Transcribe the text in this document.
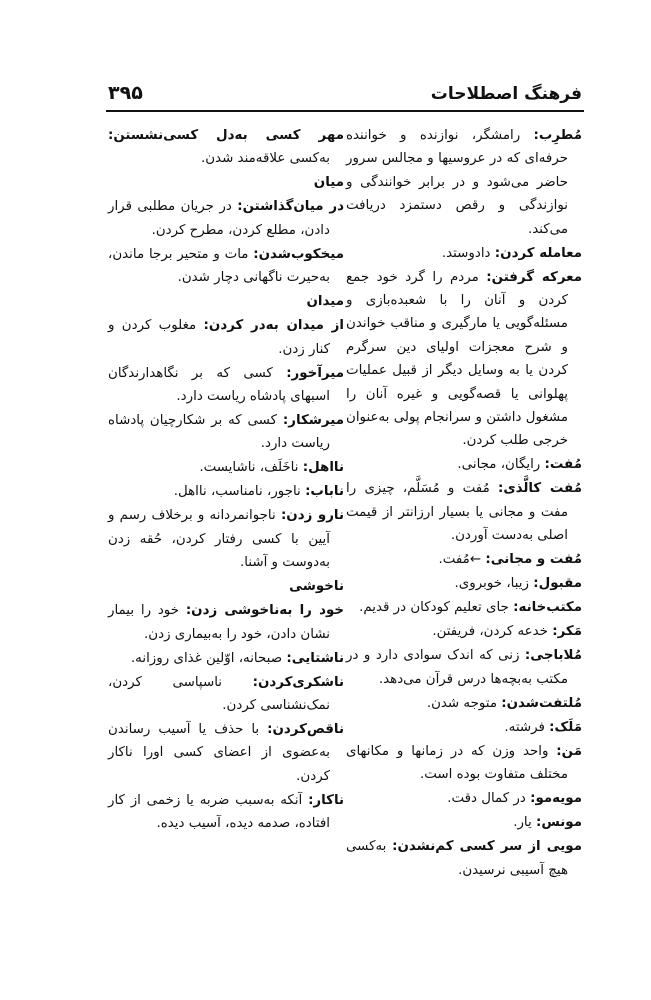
فرهنگ اصطلاحات
۳۹۵
مُطرِب: رامشگر، نوازنده و خواننده حرفه‌ای که در عروسیها و مجالس سرور حاضر می‌شود و در برابر خوانندگی و نوازندگی و رقص دستمزد دریافت می‌کند.
معامله کردن: دادوستد.
معرکه گرفتن: مردم را گرد خود جمع کردن و آنان را با شعبده‌بازی و مسئله‌گویی یا مارگیری و مناقب خواندن و شرح معجزات اولیای دین سرگرم کردن یا به وسایل دیگر از قبیل عملیات پهلوانی یا قصه‌گویی و غیره آنان را مشغول داشتن و سرانجام پولی به‌عنوان خرجی طلب کردن.
مُفت: رایگان، مجانی.
مُفت کالَّذی: مُفت و مُسَلَّم، چیزی را مفت و مجانی یا بسیار ارزانتر از قیمت اصلی به‌دست آوردن.
مُفت و مجانی: ←مُفت.
مقبول: زیبا، خوبروی.
مکتب‌خانه: جای تعلیم کودکان در قدیم.
مَکر: خدعه کردن، فریفتن.
مُلاباجی: زنی که اندک سوادی دارد و در مکتب به‌بچه‌ها درس قرآن می‌دهد.
مُلتفت‌شدن: متوجه شدن.
مَلَک: فرشته.
مَن: واحد وزن که در زمانها و مکانهای مختلف متفاوت بوده است.
مویه‌مو: در کمال دقت.
مونس: یار.
مویی از سر کسی کم‌نشدن: به‌کسی هیچ آسیبی نرسیدن.
مهر کسی به‌دل کسی‌نشستن: به‌کسی علاقه‌مند شدن.
میان
در میان‌گذاشتن: در جریان مطلبی قرار دادن، مطلع کردن، مطرح کردن.
میخکوب‌شدن: مات و متحیر برجا ماندن، به‌حیرت ناگهانی دچار شدن.
میدان
از میدان به‌در کردن: مغلوب کردن و کنار زدن.
میرآخور: کسی که بر نگاهدارندگان اسبهای پادشاه ریاست دارد.
میرشکار: کسی که بر شکارچیان پادشاه ریاست دارد.
نااهل: ناخَلَف، ناشایست.
ناباب: ناجور، نامناسب، نااهل.
نارو زدن: ناجوانمردانه و برخلاف رسم و آیین با کسی رفتار کردن، حُقه زدن به‌دوست و آشنا.
ناخوشی
خود را به‌ناخوشی زدن: خود را بیمار نشان دادن، خود را به‌بیماری زدن.
ناشتایی: صبحانه، اوّلین غذای روزانه.
ناشکری‌کردن: ناسپاسی کردن، نمک‌نشناسی کردن.
ناقص‌کردن: با حذف یا آسیب رساندن به‌عضوی از اعضای کسی اورا ناکار کردن.
ناکار: آنکه به‌سبب ضربه یا زخمی از کار افتاده، صدمه دیده، آسیب دیده.
